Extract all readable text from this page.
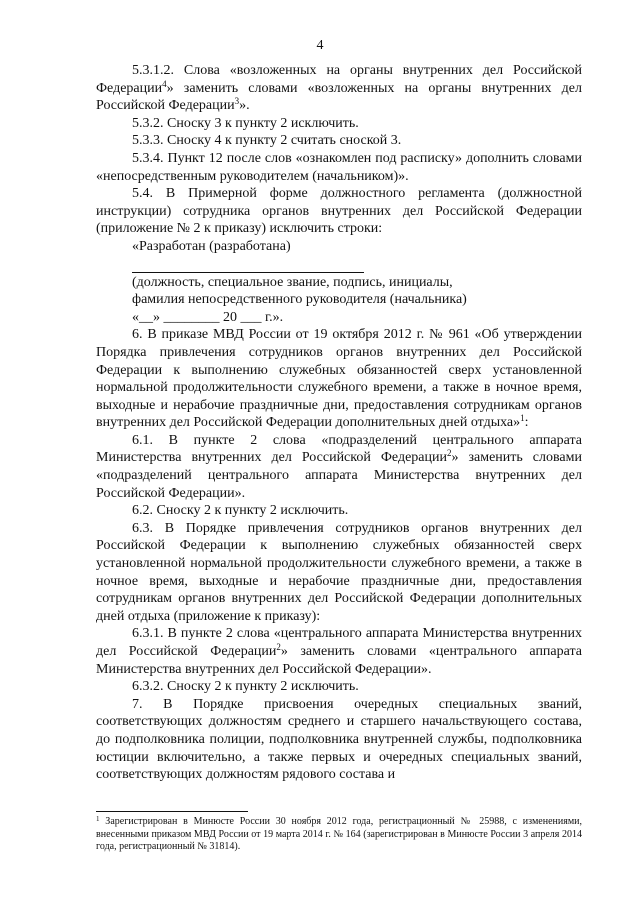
4

5.3.1.2. Слова «возложенных на органы внутренних дел Российской Федерации$^4$» заменить словами «возложенных на органы внутренних дел Российской Федерации$^3$».

5.3.2. Сноску 3 к пункту 2 исключить.

5.3.3. Сноску 4 к пункту 2 считать сноской 3.

5.3.4. Пункт 12 после слов «ознакомлен под расписку» дополнить словами «непосредственным руководителем (начальником)».

5.4. В Примерной форме должностного регламента (должностной инструкции) сотрудника органов внутренних дел Российской Федерации (приложение № 2 к приказу) исключить строки:

«Разработан (разработана)

(должность, специальное звание, подпись, инициалы,

фамилия непосредственного руководителя (начальника)

«__» ________ 20 ___ г.».

6. В приказе МВД России от 19 октября 2012 г. № 961 «Об утверждении Порядка привлечения сотрудников органов внутренних дел Российской Федерации к выполнению служебных обязанностей сверх установленной нормальной продолжительности служебного времени, а также в ночное время, выходные и нерабочие праздничные дни, предоставления сотрудникам органов внутренних дел Российской Федерации дополнительных дней отдыха»$^1$:

6.1. В пункте 2 слова «подразделений центрального аппарата Министерства внутренних дел Российской Федерации$^2$» заменить словами «подразделений центрального аппарата Министерства внутренних дел Российской Федерации».

6.2. Сноску 2 к пункту 2 исключить.

6.3. В Порядке привлечения сотрудников органов внутренних дел Российской Федерации к выполнению служебных обязанностей сверх установленной нормальной продолжительности служебного времени, а также в ночное время, выходные и нерабочие праздничные дни, предоставления сотрудникам органов внутренних дел Российской Федерации дополнительных дней отдыха (приложение к приказу):

6.3.1. В пункте 2 слова «центрального аппарата Министерства внутренних дел Российской Федерации$^2$» заменить словами «центрального аппарата Министерства внутренних дел Российской Федерации».

6.3.2. Сноску 2 к пункту 2 исключить.

7. В Порядке присвоения очередных специальных званий, соответствующих должностям среднего и старшего начальствующего состава, до подполковника полиции, подполковника внутренней службы, подполковника юстиции включительно, а также первых и очередных специальных званий, соответствующих должностям рядового состава и

$^1$ Зарегистрирован в Минюсте России 30 ноября 2012 года, регистрационный № 25988, с изменениями, внесенными приказом МВД России от 19 марта 2014 г. № 164 (зарегистрирован в Минюсте России 3 апреля 2014 года, регистрационный № 31814).
